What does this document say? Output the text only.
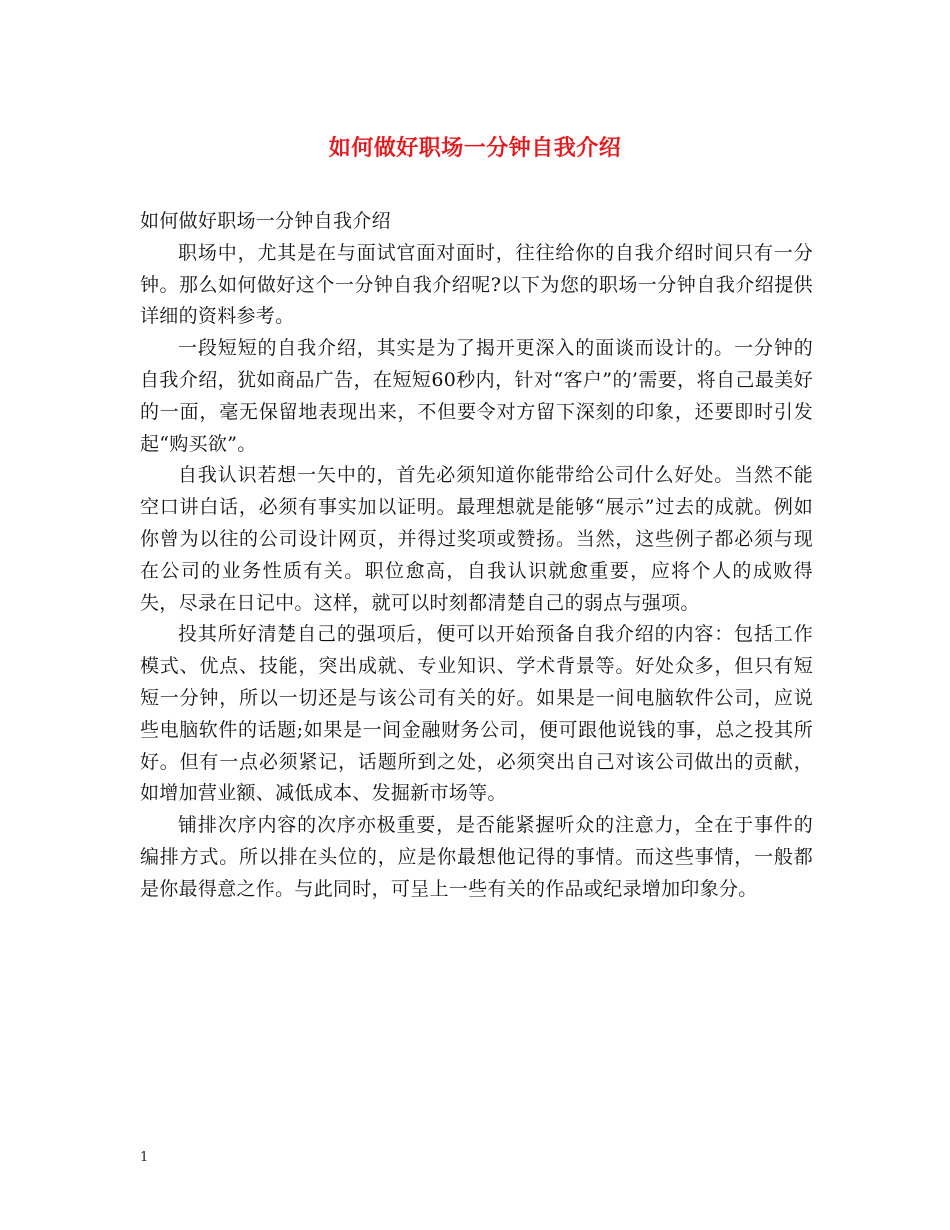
如何做好职场一分钟自我介绍

如何做好职场一分钟自我介绍

职场中，尤其是在与面试官面对面时，往往给你的自我介绍时间只有一分钟。那么如何做好这个一分钟自我介绍呢?以下为您的职场一分钟自我介绍提供详细的资料参考。

一段短短的自我介绍，其实是为了揭开更深入的面谈而设计的。一分钟的自我介绍，犹如商品广告，在短短60秒内，针对“客户”的’需要，将自己最美好的一面，毫无保留地表现出来，不但要令对方留下深刻的印象，还要即时引发起“购买欲”。

自我认识若想一矢中的，首先必须知道你能带给公司什么好处。当然不能空口讲白话，必须有事实加以证明。最理想就是能够“展示”过去的成就。例如你曾为以往的公司设计网页，并得过奖项或赞扬。当然，这些例子都必须与现在公司的业务性质有关。职位愈高，自我认识就愈重要，应将个人的成败得失，尽录在日记中。这样，就可以时刻都清楚自己的弱点与强项。

投其所好清楚自己的强项后，便可以开始预备自我介绍的内容：包括工作模式、优点、技能，突出成就、专业知识、学术背景等。好处众多，但只有短短一分钟，所以一切还是与该公司有关的好。如果是一间电脑软件公司，应说些电脑软件的话题;如果是一间金融财务公司，便可跟他说钱的事，总之投其所好。但有一点必须紧记，话题所到之处，必须突出自己对该公司做出的贡献，如增加营业额、减低成本、发掘新市场等。

铺排次序内容的次序亦极重要，是否能紧握听众的注意力，全在于事件的编排方式。所以排在头位的，应是你最想他记得的事情。而这些事情，一般都是你最得意之作。与此同时，可呈上一些有关的作品或纪录增加印象分。

1
